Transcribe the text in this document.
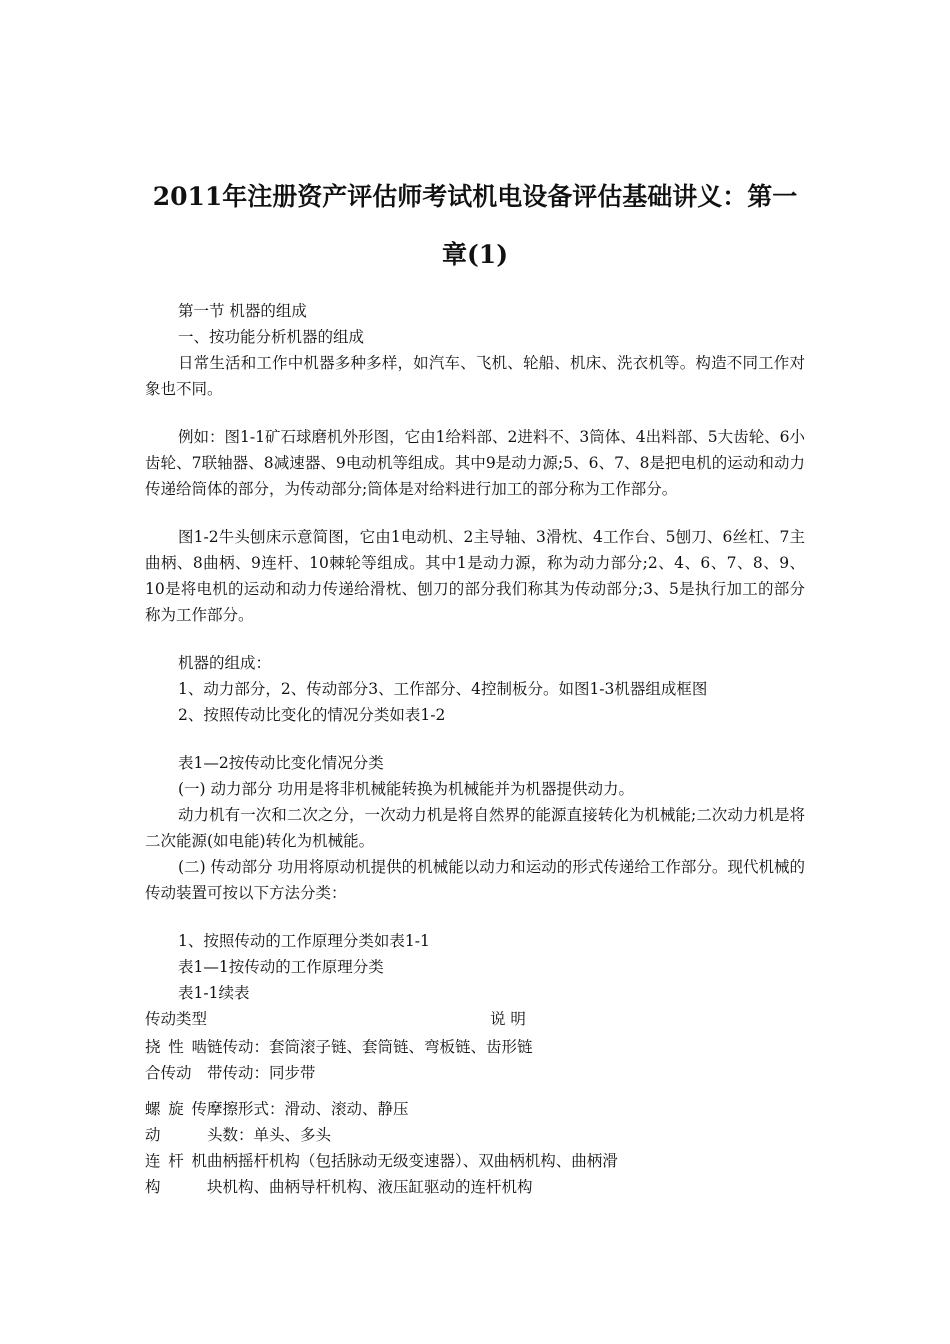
2011年注册资产评估师考试机电设备评估基础讲义：第一
章(1)

第一节 机器的组成

一、按功能分析机器的组成

日常生活和工作中机器多种多样，如汽车、飞机、轮船、机床、洗衣机等。构造不同工作对象也不同。

例如：图1-1矿石球磨机外形图，它由1给料部、2进料不、3筒体、4出料部、5大齿轮、6小齿轮、7联轴器、8减速器、9电动机等组成。其中9是动力源;5、6、7、8是把电机的运动和动力传递给筒体的部分，为传动部分;筒体是对给料进行加工的部分称为工作部分。

图1-2牛头刨床示意简图，它由1电动机、2主导轴、3滑枕、4工作台、5刨刀、6丝杠、7主曲柄、8曲柄、9连杆、10棘轮等组成。其中1是动力源，称为动力部分;2、4、6、7、8、9、10是将电机的运动和动力传递给滑枕、刨刀的部分我们称其为传动部分;3、5是执行加工的部分称为工作部分。

机器的组成：

1、动力部分，2、传动部分3、工作部分、4控制板分。如图1-3机器组成框图

2、按照传动比变化的情况分类如表1-2

表1—2按传动比变化情况分类

(一) 动力部分 功用是将非机械能转换为机械能并为机器提供动力。

动力机有一次和二次之分，一次动力机是将自然界的能源直接转化为机械能;二次动力机是将二次能源(如电能)转化为机械能。

(二) 传动部分 功用将原动机提供的机械能以动力和运动的形式传递给工作部分。现代机械的传动装置可按以下方法分类：

1、按照传动的工作原理分类如表1-1

表1—1按传动的工作原理分类

表1-1续表

传动类型	说 明
挠性啮
合传动
链传动：套筒滚子链、套筒链、弯板链、齿形链
带传动：同步带
螺旋传
动
摩擦形式：滑动、滚动、静压
头数：单头、多头
连杆机
构
曲柄摇杆机构（包括脉动无级变速器）、双曲柄机构、曲柄滑
块机构、曲柄导杆机构、液压缸驱动的连杆机构
